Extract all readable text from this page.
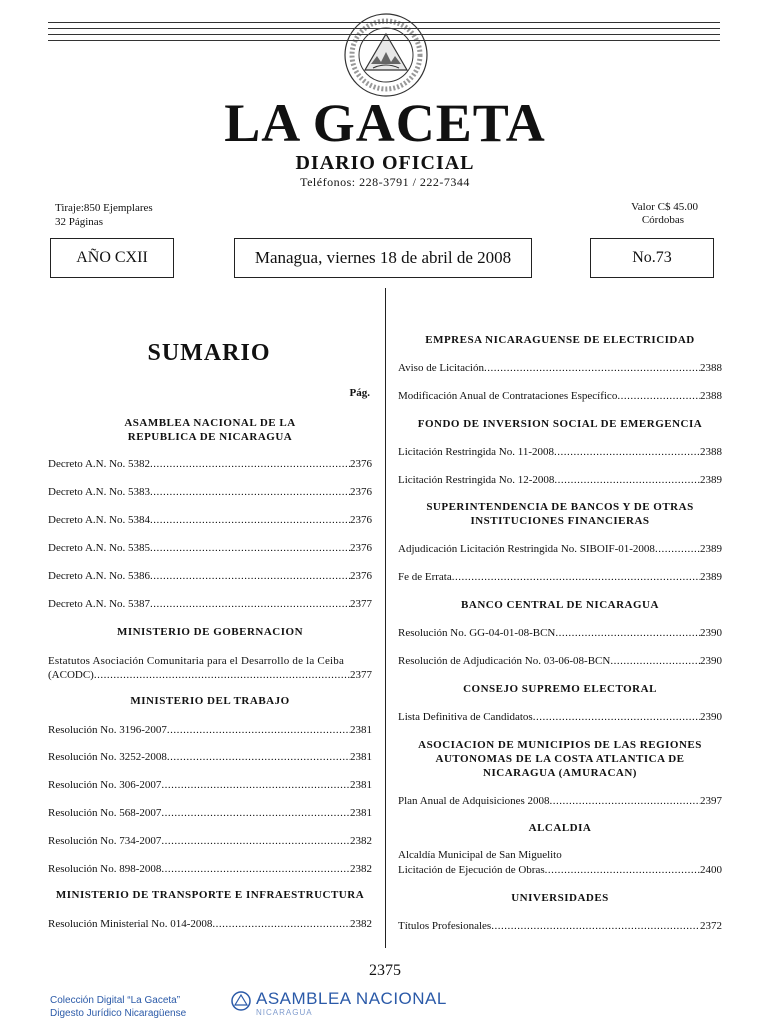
LA GACETA
DIARIO OFICIAL
Teléfonos: 228-3791 / 222-7344
Tiraje:850 Ejemplares
32 Páginas
Valor C$ 45.00
Córdobas
AÑO CXII	Managua, viernes 18 de abril de 2008	No.73
SUMARIO
Pág.
ASAMBLEA NACIONAL DE LA
REPUBLICA DE NICARAGUA
Decreto A.N. No. 5382 .....	2376
Decreto A.N. No. 5383 .....	2376
Decreto A.N. No. 5384 .....	2376
Decreto A.N. No. 5385 .....	2376
Decreto A.N. No. 5386 .....	2376
Decreto A.N. No. 5387 .....	2377
MINISTERIO DE GOBERNACION
Estatutos Asociación Comunitaria para el Desarrollo de la Ceiba
(ACODC) .....	2377
MINISTERIO DEL TRABAJO
Resolución No. 3196-2007 .....	2381
Resolución No. 3252-2008 .....	2381
Resolución No. 306-2007 .....	2381
Resolución No. 568-2007 .....	2381
Resolución No. 734-2007 .....	2382
Resolución No. 898-2008 .....	2382
MINISTERIO DE TRANSPORTE E INFRAESTRUCTURA
Resolución Ministerial No. 014-2008 .....	2382
EMPRESA NICARAGUENSE DE ELECTRICIDAD
Aviso de Licitación .....	2388
Modificación Anual de Contrataciones Específico .....	2388
FONDO DE INVERSION SOCIAL DE EMERGENCIA
Licitación Restringida No. 11-2008 .....	2388
Licitación Restringida No. 12-2008 .....	2389
SUPERINTENDENCIA DE BANCOS Y DE OTRAS
INSTITUCIONES FINANCIERAS
Adjudicación Licitación Restringida No. SIBOIF-01-2008 .....	2389
Fe de Errata .....	2389
BANCO CENTRAL DE NICARAGUA
Resolución No. GG-04-01-08-BCN .....	2390
Resolución de Adjudicación No. 03-06-08-BCN .....	2390
CONSEJO SUPREMO ELECTORAL
Lista Definitiva de Candidatos .....	2390
ASOCIACION DE MUNICIPIOS DE LAS REGIONES
AUTONOMAS DE LA COSTA ATLANTICA DE
NICARAGUA (AMURACAN)
Plan Anual de Adquisiciones 2008 .....	2397
ALCALDIA
Alcaldía Municipal de San Miguelito
Licitación de Ejecución de Obras .....	2400
UNIVERSIDADES
Títulos Profesionales .....	2372
2375
Colección Digital “La Gaceta”
Digesto Jurídico Nicaragüense
ASAMBLEA NACIONAL
NICARAGUA
